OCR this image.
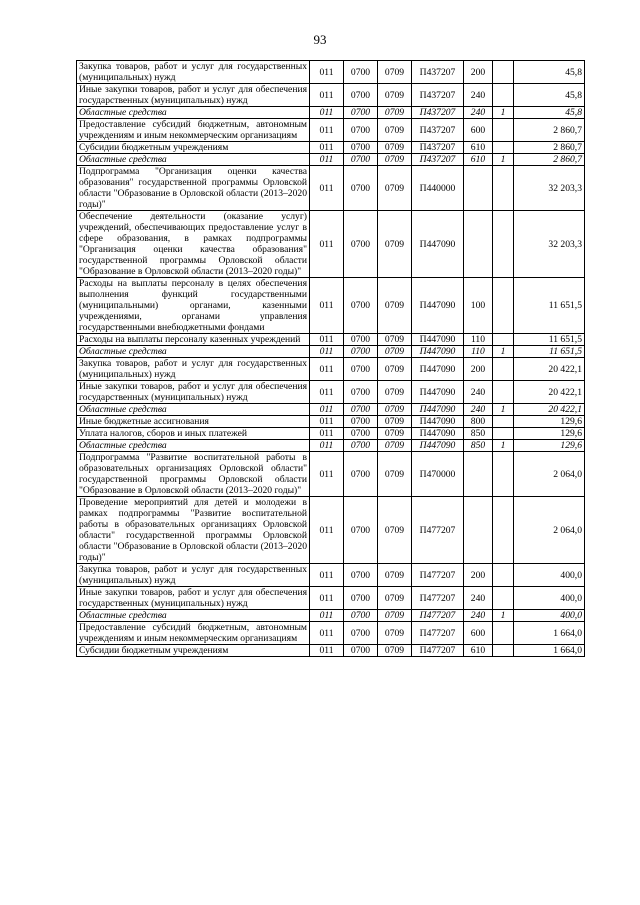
93
Закупка товаров, работ и услуг для государственных (муниципальных) нужд	011	0700	0709	П437207	200		45,8
Иные закупки товаров, работ и услуг для обеспечения государственных (муниципальных) нужд	011	0700	0709	П437207	240		45,8
Областные средства	011	0700	0709	П437207	240	1	45,8
Предоставление субсидий бюджетным, автономным учреждениям и иным некоммерческим организациям	011	0700	0709	П437207	600		2 860,7
Субсидии бюджетным учреждениям	011	0700	0709	П437207	610		2 860,7
Областные средства	011	0700	0709	П437207	610	1	2 860,7
Подпрограмма "Организация оценки качества образования" государственной программы Орловской области "Образование в Орловской области (2013–2020 годы)"	011	0700	0709	П440000			32 203,3
Обеспечение деятельности (оказание услуг) учреждений, обеспечивающих предоставление услуг в сфере образования, в рамках подпрограммы "Организация оценки качества образования" государственной программы Орловской области "Образование в Орловской области (2013–2020 годы)"	011	0700	0709	П447090			32 203,3
Расходы на выплаты персоналу в целях обеспечения выполнения функций государственными (муниципальными) органами, казенными учреждениями, органами управления государственными внебюджетными фондами	011	0700	0709	П447090	100		11 651,5
Расходы на выплаты персоналу казенных учреждений	011	0700	0709	П447090	110		11 651,5
Областные средства	011	0700	0709	П447090	110	1	11 651,5
Закупка товаров, работ и услуг для государственных (муниципальных) нужд	011	0700	0709	П447090	200		20 422,1
Иные закупки товаров, работ и услуг для обеспечения государственных (муниципальных) нужд	011	0700	0709	П447090	240		20 422,1
Областные средства	011	0700	0709	П447090	240	1	20 422,1
Иные бюджетные ассигнования	011	0700	0709	П447090	800		129,6
Уплата налогов, сборов и иных платежей	011	0700	0709	П447090	850		129,6
Областные средства	011	0700	0709	П447090	850	1	129,6
Подпрограмма "Развитие воспитательной работы в образовательных организациях Орловской области" государственной программы Орловской области "Образование в Орловской области (2013–2020 годы)"	011	0700	0709	П470000			2 064,0
Проведение мероприятий для детей и молодежи в рамках подпрограммы "Развитие воспитательной работы в образовательных организациях Орловской области" государственной программы Орловской области "Образование в Орловской области (2013–2020 годы)"	011	0700	0709	П477207			2 064,0
Закупка товаров, работ и услуг для государственных (муниципальных) нужд	011	0700	0709	П477207	200		400,0
Иные закупки товаров, работ и услуг для обеспечения государственных (муниципальных) нужд	011	0700	0709	П477207	240		400,0
Областные средства	011	0700	0709	П477207	240	1	400,0
Предоставление субсидий бюджетным, автономным учреждениям и иным некоммерческим организациям	011	0700	0709	П477207	600		1 664,0
Субсидии бюджетным учреждениям	011	0700	0709	П477207	610		1 664,0
